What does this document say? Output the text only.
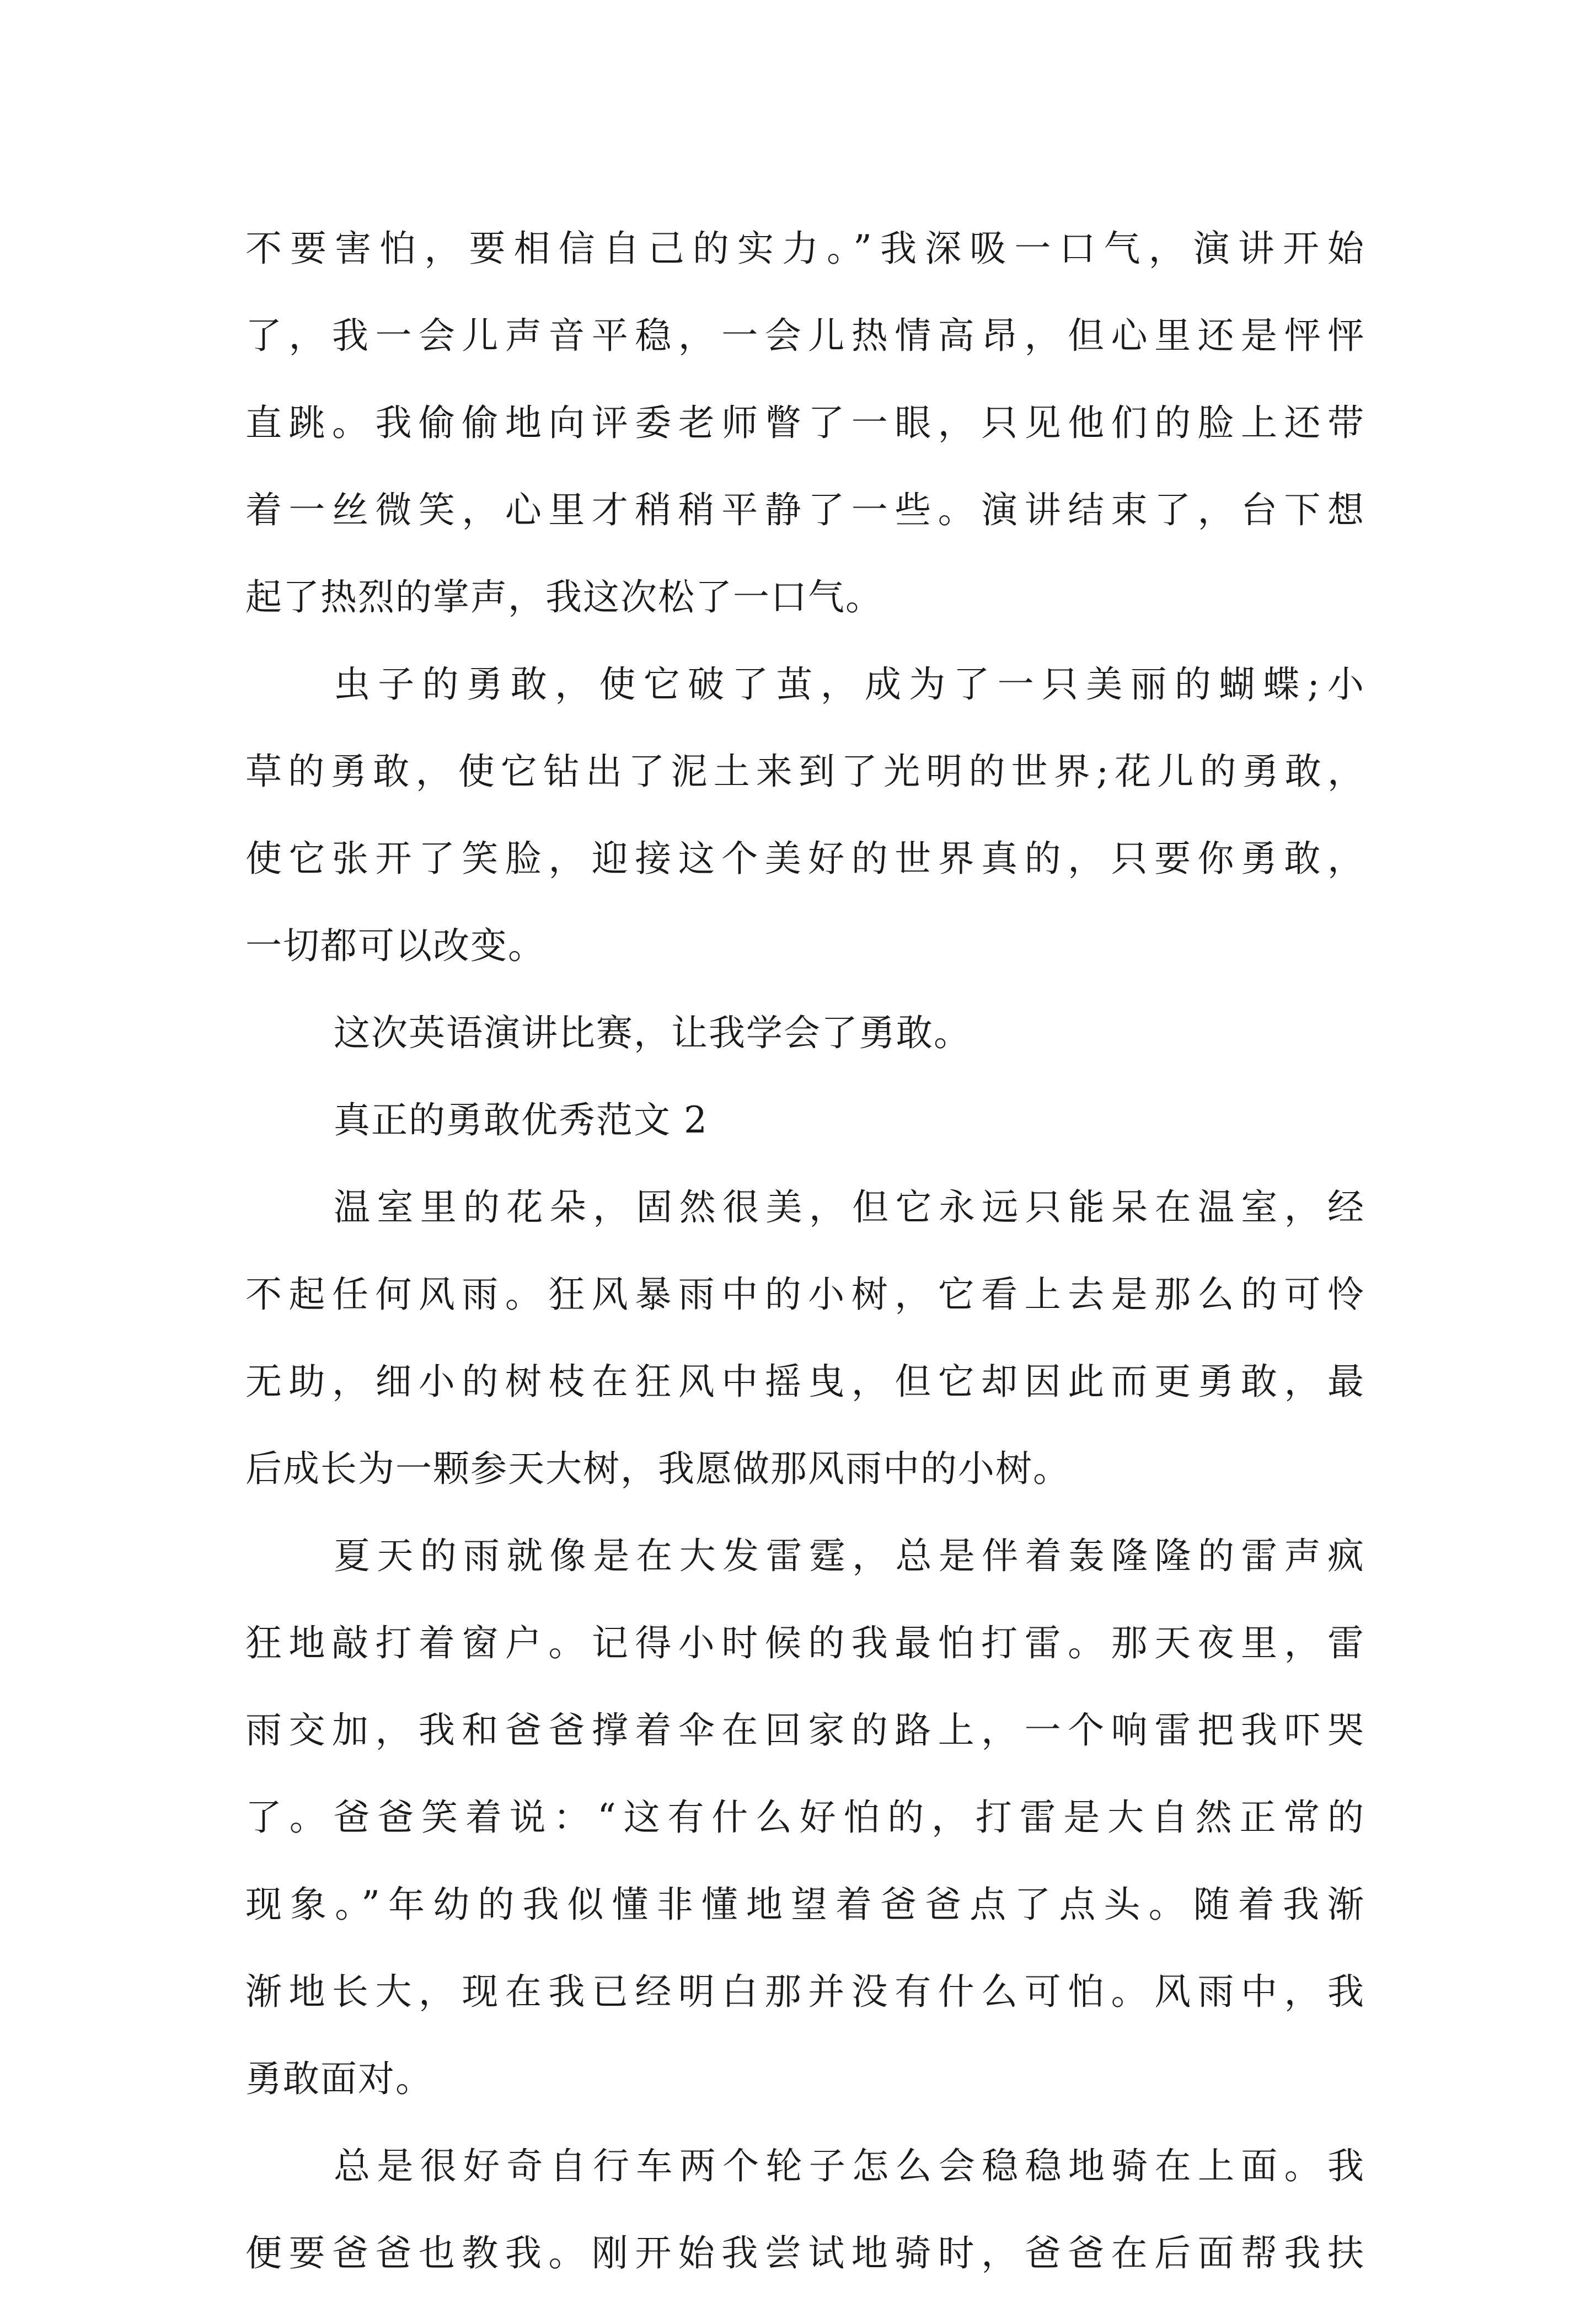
不要害怕，要相信自己的实力。”我深吸一口气，演讲开始
了，我一会儿声音平稳，一会儿热情高昂，但心里还是怦怦
直跳。我偷偷地向评委老师瞥了一眼，只见他们的脸上还带
着一丝微笑，心里才稍稍平静了一些。演讲结束了，台下想
起了热烈的掌声，我这次松了一口气。
虫子的勇敢，使它破了茧，成为了一只美丽的蝴蝶;小
草的勇敢，使它钻出了泥土来到了光明的世界;花儿的勇敢，
使它张开了笑脸，迎接这个美好的世界真的，只要你勇敢，
一切都可以改变。
这次英语演讲比赛，让我学会了勇敢。
真正的勇敢优秀范文 2
温室里的花朵，固然很美，但它永远只能呆在温室，经
不起任何风雨。狂风暴雨中的小树，它看上去是那么的可怜
无助，细小的树枝在狂风中摇曳，但它却因此而更勇敢，最
后成长为一颗参天大树，我愿做那风雨中的小树。
夏天的雨就像是在大发雷霆，总是伴着轰隆隆的雷声疯
狂地敲打着窗户。记得小时候的我最怕打雷。那天夜里，雷
雨交加，我和爸爸撑着伞在回家的路上，一个响雷把我吓哭
了。爸爸笑着说：“这有什么好怕的，打雷是大自然正常的
现象。”年幼的我似懂非懂地望着爸爸点了点头。随着我渐
渐地长大，现在我已经明白那并没有什么可怕。风雨中，我
勇敢面对。
总是很好奇自行车两个轮子怎么会稳稳地骑在上面。我
便要爸爸也教我。刚开始我尝试地骑时，爸爸在后面帮我扶
